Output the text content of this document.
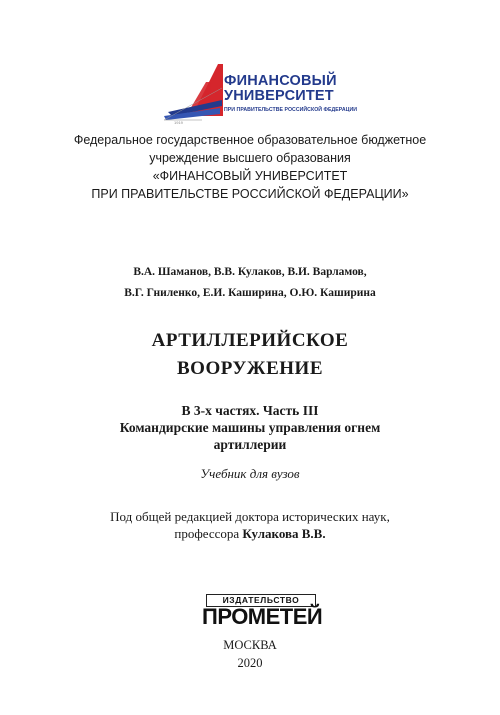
ФИНАНСОВЫЙ
УНИВЕРСИТЕТ
ПРИ ПРАВИТЕЛЬСТВЕ РОССИЙСКОЙ ФЕДЕРАЦИИ
1919
Федеральное государственное образовательное бюджетное
учреждение высшего образования
«ФИНАНСОВЫЙ УНИВЕРСИТЕТ
ПРИ ПРАВИТЕЛЬСТВЕ РОССИЙСКОЙ ФЕДЕРАЦИИ»
В.А. Шаманов, В.В. Кулаков, В.И. Варламов,
В.Г. Гниленко, Е.И. Каширина, О.Ю. Каширина
АРТИЛЛЕРИЙСКОЕ
ВООРУЖЕНИЕ
В 3-х частях. Часть III
Командирские машины управления огнем
артиллерии
Учебник для вузов
Под общей редакцией доктора исторических наук,
профессора Кулакова В.В.
ИЗДАТЕЛЬСТВО
ПРОМЕТЕЙ
МОСКВА
2020
